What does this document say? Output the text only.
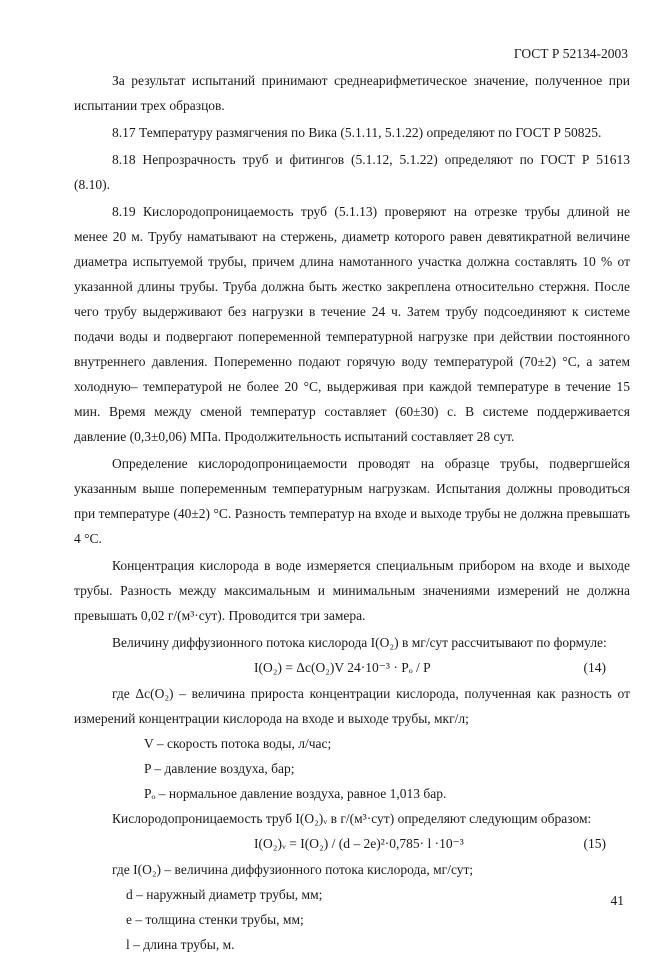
ГОСТ Р 52134-2003

За результат испытаний принимают среднеарифметическое значение, полученное при испытании трех образцов.

8.17 Температуру размягчения по Вика (5.1.11, 5.1.22) определяют по ГОСТ Р 50825.

8.18 Непрозрачность труб и фитингов (5.1.12, 5.1.22) определяют по ГОСТ Р 51613 (8.10).

8.19 Кислородопроницаемость труб (5.1.13) проверяют на отрезке трубы длиной не менее 20 м. Трубу наматывают на стержень, диаметр которого равен девятикратной величине диаметра испытуемой трубы, причем длина намотанного участка должна составлять 10 % от указанной длины трубы. Труба должна быть жестко закреплена относительно стержня. После чего трубу выдерживают без нагрузки в течение 24 ч. Затем трубу подсоединяют к системе подачи воды и подвергают попеременной температурной нагрузке при действии постоянного внутреннего давления. Попеременно подают горячую воду температурой (70±2) °С, а затем холодную– температурой не более 20 °С, выдерживая при каждой температуре в течение 15 мин. Время между сменой температур составляет (60±30) с. В системе поддерживается давление (0,3±0,06) МПа. Продолжительность испытаний составляет 28 сут.

Определение кислородопроницаемости проводят на образце трубы, подвергшейся указанным выше попеременным температурным нагрузкам. Испытания должны проводиться при температуре (40±2) °С. Разность температур на входе и выходе трубы не должна превышать 4 °С.

Концентрация кислорода в воде измеряется специальным прибором на входе и выходе трубы. Разность между максимальным и минимальным значениями измерений не должна превышать 0,02 г/(м³·сут). Проводится три замера.

Величину диффузионного потока кислорода I(O₂) в мг/сут рассчитывают по формуле:

I(O₂) = Δc(O₂)V 24·10⁻³ · Pₒ / P	(14)

где Δc(O₂) – величина прироста концентрации кислорода, полученная как разность от измерений концентрации кислорода на входе и выходе трубы, мкг/л;

V – скорость потока воды, л/час;

P – давление воздуха, бар;

Pₒ – нормальное давление воздуха, равное 1,013 бар.

Кислородопроницаемость труб I(O₂)ᵥ в г/(м³·сут) определяют следующим образом:

I(O₂)ᵥ = I(O₂) / (d – 2e)²·0,785· l ·10⁻³	(15)

где I(O₂) – величина диффузионного потока кислорода, мг/сут;

d – наружный диаметр трубы, мм;

e – толщина стенки трубы, мм;

l – длина трубы, м.

41
